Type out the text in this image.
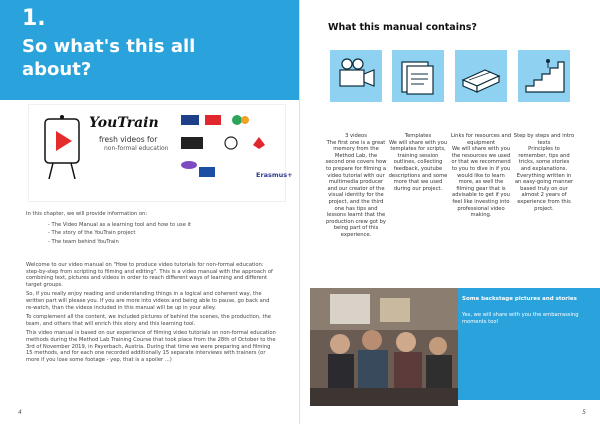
1.
So what's this all about?
YouTrain
fresh videos for
non-formal education
Erasmus+
In this chapter, we will provide information on:
- The Video Manual as a learning tool and how to use it
- The story of the YouTrain project
- The team behind YouTrain

Welcome to our video manual on "How to produce video tutorials for non-formal education: step-by-step from scripting to filming and editing". This is a video manual with the approach of combining text, pictures and videos in order to reach different ways of learning and different target groups.

So, if you really enjoy reading and understanding things in a logical and coherent way, the written part will please you. If you are more into videos and being able to pause, go back and re-watch, than the videos included in this manual will be up in your alley.

To complement all the content, we included pictures of behind the scenes, the production, the team, and others that will enrich this story and this learning tool.

This video manual is based on our experience of filming video tutorials on non-formal education methods during the Method Lab Training Course that took place from the 28th of October to the 3rd of November 2019, in Payerbach, Austria. During that time we were preparing and filming 15 methods, and for each one recorded additionally 15 separate interviews with trainers (or more if you lose some footage - yep, that is a spoiler ...)

4
What this manual contains?
3 videos
The first one is a great memory from the Method Lab, the second one covers how to prepare for filming a video tutorial with our multimedia producer and our creator of the visual identity for the project, and the third one has tips and lessons learnt that the production crew got by being part of this experience.
Templates
We will share with you templates for scripts, training session outlines, collecting feedback, youtube descriptions and some more that we used during our project.
Links for resources and equipment
We will share with you the resources we used or that we recommend to you to dive in if you would like to learn more, as well the filming gear that is advisable to get if you feel like investing into professional video making.
Step by steps and intro texts
Principles to remember, tips and tricks, some stories and explanations. Everything written in an easy-going manner based truly on our almost 2 years of experience from this project.
Some backstage pictures and stories
Yes, we will share with you the embarrassing moments too!
5
